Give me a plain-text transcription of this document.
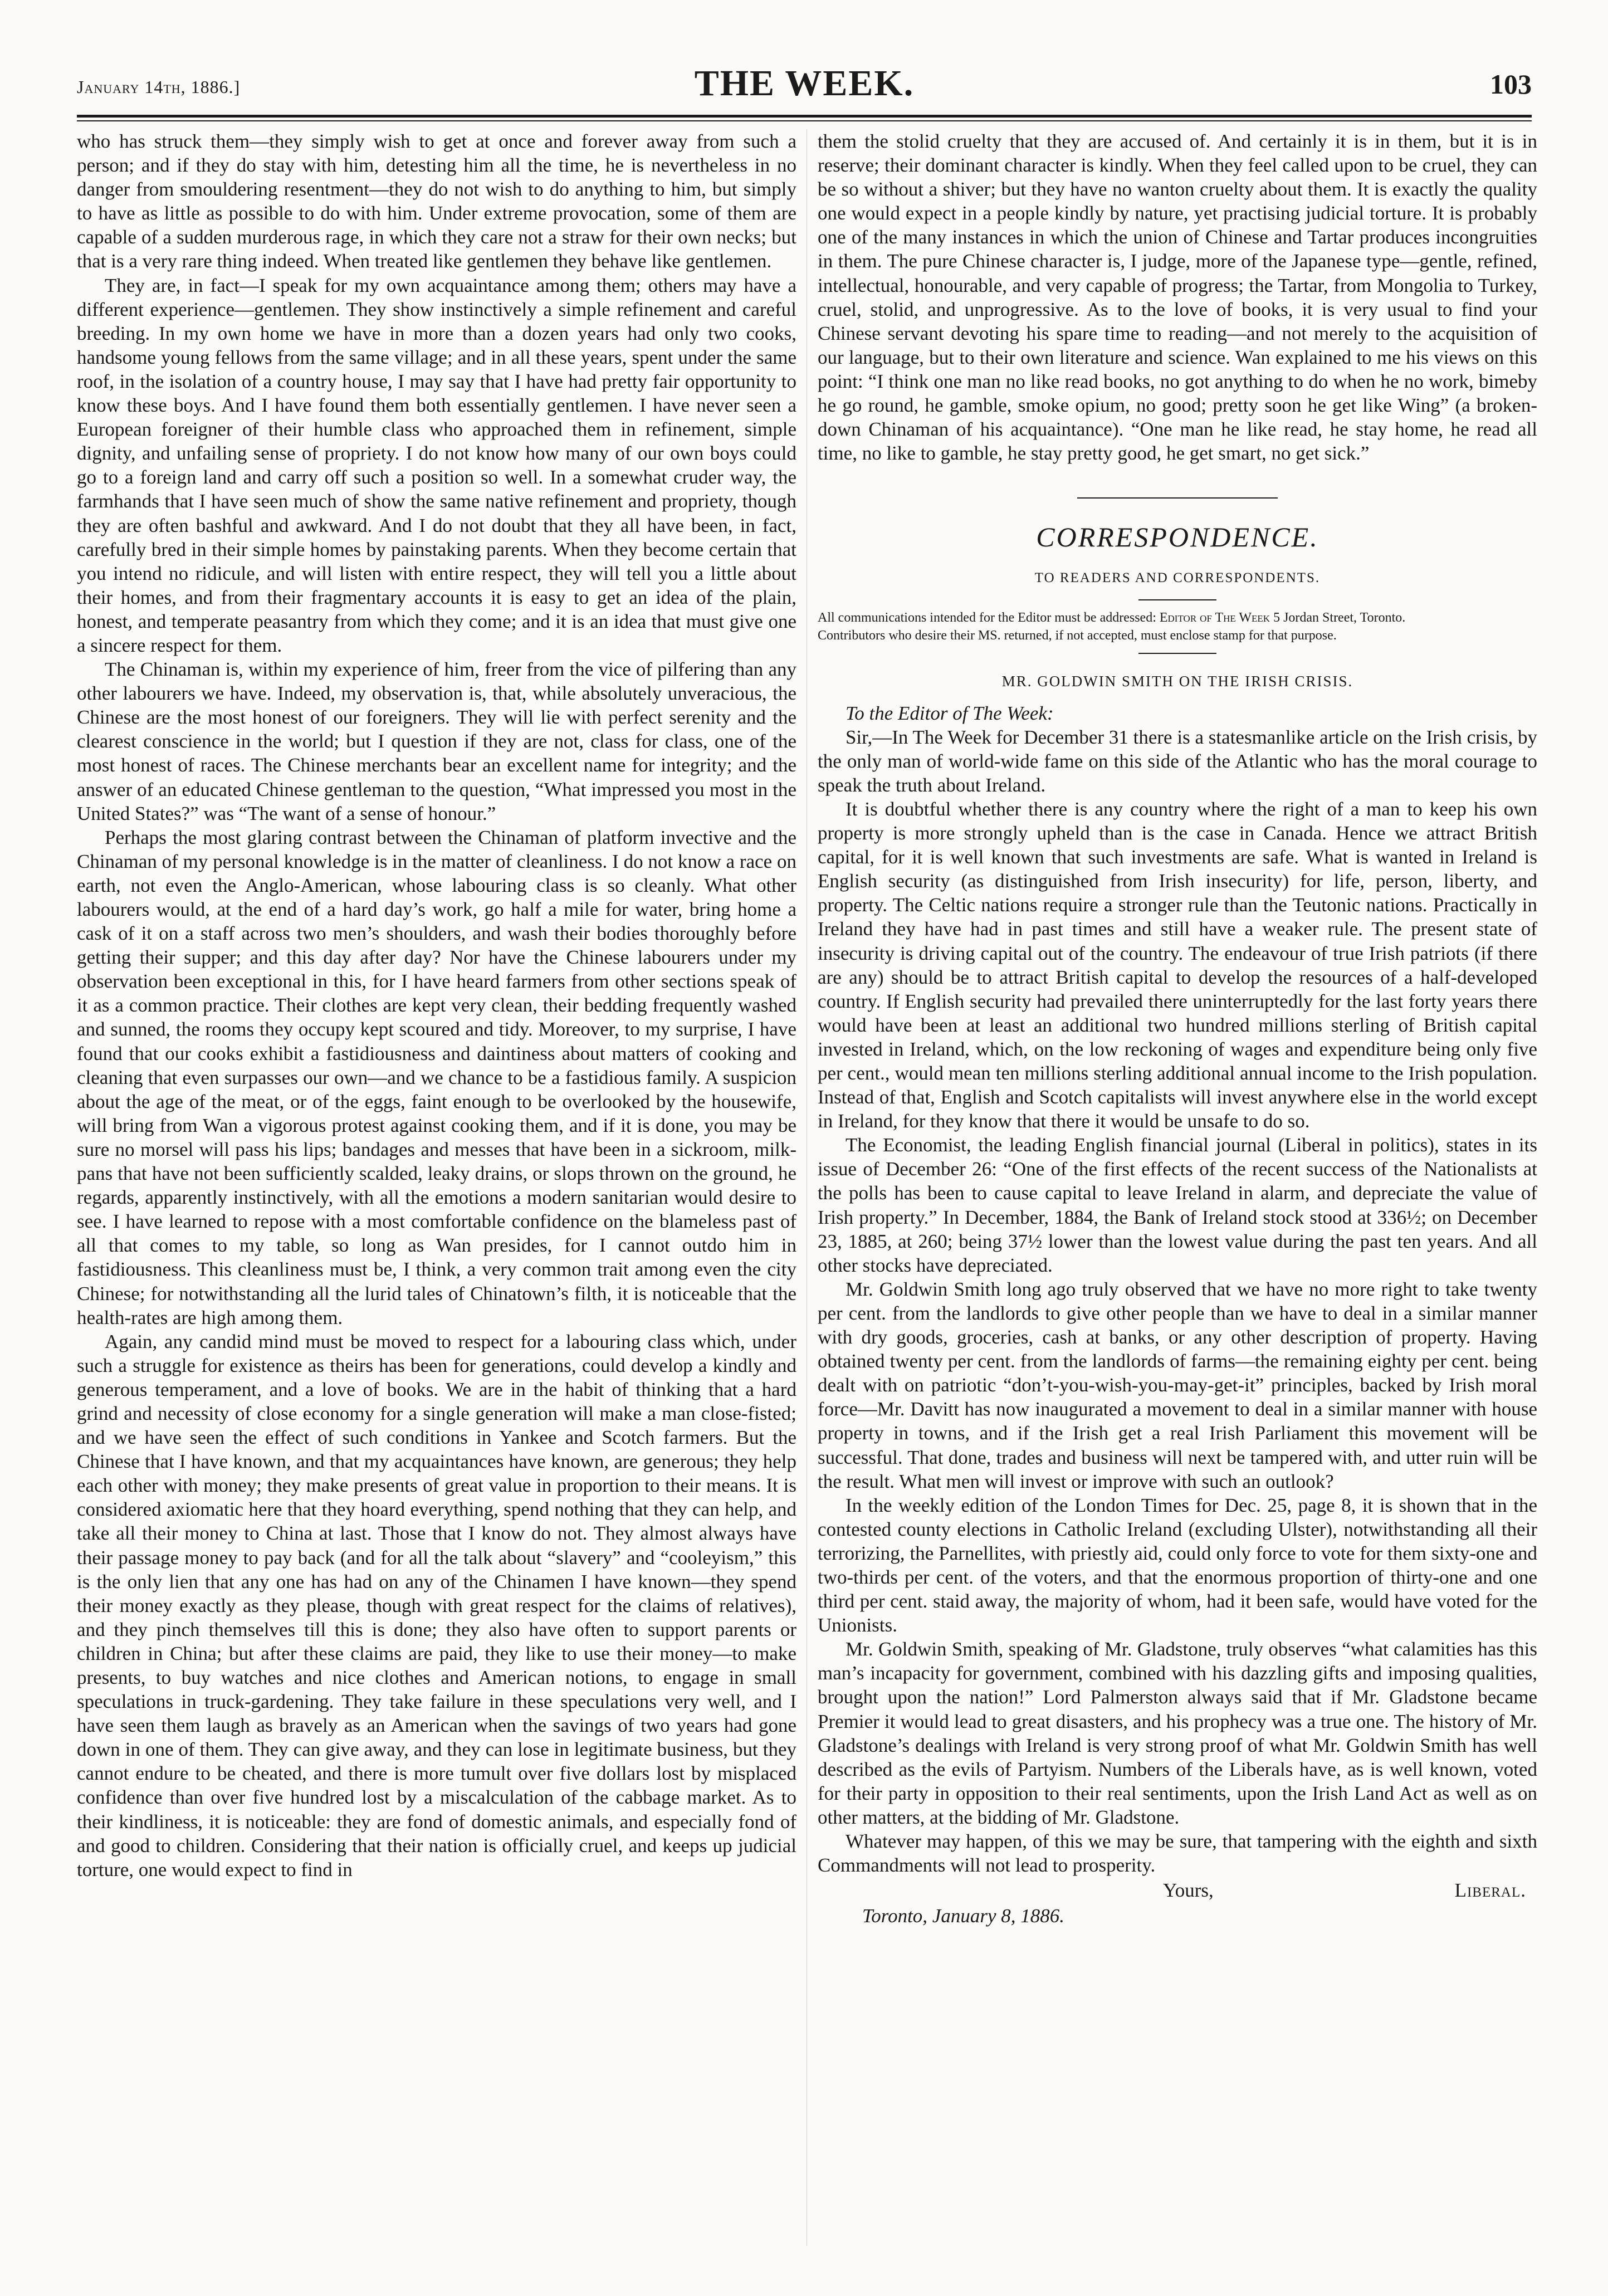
January 14th, 1886.]	THE WEEK.	103

who has struck them—they simply wish to get at once and forever away from such a person; and if they do stay with him, detesting him all the time, he is nevertheless in no danger from smouldering resentment—they do not wish to do anything to him, but simply to have as little as possible to do with him. Under extreme provocation, some of them are capable of a sudden murderous rage, in which they care not a straw for their own necks; but that is a very rare thing indeed. When treated like gentlemen they behave like gentlemen.

They are, in fact—I speak for my own acquaintance among them; others may have a different experience—gentlemen. They show instinctively a simple refinement and careful breeding. In my own home we have in more than a dozen years had only two cooks, handsome young fellows from the same village; and in all these years, spent under the same roof, in the isolation of a country house, I may say that I have had pretty fair opportunity to know these boys. And I have found them both essentially gentlemen. I have never seen a European foreigner of their humble class who approached them in refinement, simple dignity, and unfailing sense of propriety. I do not know how many of our own boys could go to a foreign land and carry off such a position so well. In a somewhat cruder way, the farmhands that I have seen much of show the same native refinement and propriety, though they are often bashful and awkward. And I do not doubt that they all have been, in fact, carefully bred in their simple homes by painstaking parents. When they become certain that you intend no ridicule, and will listen with entire respect, they will tell you a little about their homes, and from their fragmentary accounts it is easy to get an idea of the plain, honest, and temperate peasantry from which they come; and it is an idea that must give one a sincere respect for them.

The Chinaman is, within my experience of him, freer from the vice of pilfering than any other labourers we have. Indeed, my observation is, that, while absolutely unveracious, the Chinese are the most honest of our foreigners. They will lie with perfect serenity and the clearest conscience in the world; but I question if they are not, class for class, one of the most honest of races. The Chinese merchants bear an excellent name for integrity; and the answer of an educated Chinese gentleman to the question, “What impressed you most in the United States?” was “The want of a sense of honour.”

Perhaps the most glaring contrast between the Chinaman of platform invective and the Chinaman of my personal knowledge is in the matter of cleanliness. I do not know a race on earth, not even the Anglo-American, whose labouring class is so cleanly. What other labourers would, at the end of a hard day’s work, go half a mile for water, bring home a cask of it on a staff across two men’s shoulders, and wash their bodies thoroughly before getting their supper; and this day after day? Nor have the Chinese labourers under my observation been exceptional in this, for I have heard farmers from other sections speak of it as a common practice. Their clothes are kept very clean, their bedding frequently washed and sunned, the rooms they occupy kept scoured and tidy. Moreover, to my surprise, I have found that our cooks exhibit a fastidiousness and daintiness about matters of cooking and cleaning that even surpasses our own—and we chance to be a fastidious family. A suspicion about the age of the meat, or of the eggs, faint enough to be overlooked by the housewife, will bring from Wan a vigorous protest against cooking them, and if it is done, you may be sure no morsel will pass his lips; bandages and messes that have been in a sickroom, milk-pans that have not been sufficiently scalded, leaky drains, or slops thrown on the ground, he regards, apparently instinctively, with all the emotions a modern sanitarian would desire to see. I have learned to repose with a most comfortable confidence on the blameless past of all that comes to my table, so long as Wan presides, for I cannot outdo him in fastidiousness. This cleanliness must be, I think, a very common trait among even the city Chinese; for notwithstanding all the lurid tales of Chinatown’s filth, it is noticeable that the health-rates are high among them.

Again, any candid mind must be moved to respect for a labouring class which, under such a struggle for existence as theirs has been for generations, could develop a kindly and generous temperament, and a love of books. We are in the habit of thinking that a hard grind and necessity of close economy for a single generation will make a man close-fisted; and we have seen the effect of such conditions in Yankee and Scotch farmers. But the Chinese that I have known, and that my acquaintances have known, are generous; they help each other with money; they make presents of great value in proportion to their means. It is considered axiomatic here that they hoard everything, spend nothing that they can help, and take all their money to China at last. Those that I know do not. They almost always have their passage money to pay back (and for all the talk about “slavery” and “cooleyism,” this is the only lien that any one has had on any of the Chinamen I have known—they spend their money exactly as they please, though with great respect for the claims of relatives), and they pinch themselves till this is done; they also have often to support parents or children in China; but after these claims are paid, they like to use their money—to make presents, to buy watches and nice clothes and American notions, to engage in small speculations in truck-gardening. They take failure in these speculations very well, and I have seen them laugh as bravely as an American when the savings of two years had gone down in one of them. They can give away, and they can lose in legitimate business, but they cannot endure to be cheated, and there is more tumult over five dollars lost by misplaced confidence than over five hundred lost by a miscalculation of the cabbage market. As to their kindliness, it is noticeable: they are fond of domestic animals, and especially fond of and good to children. Considering that their nation is officially cruel, and keeps up judicial torture, one would expect to find in

them the stolid cruelty that they are accused of. And certainly it is in them, but it is in reserve; their dominant character is kindly. When they feel called upon to be cruel, they can be so without a shiver; but they have no wanton cruelty about them. It is exactly the quality one would expect in a people kindly by nature, yet practising judicial torture. It is probably one of the many instances in which the union of Chinese and Tartar produces incongruities in them. The pure Chinese character is, I judge, more of the Japanese type—gentle, refined, intellectual, honourable, and very capable of progress; the Tartar, from Mongolia to Turkey, cruel, stolid, and unprogressive. As to the love of books, it is very usual to find your Chinese servant devoting his spare time to reading—and not merely to the acquisition of our language, but to their own literature and science. Wan explained to me his views on this point: “I think one man no like read books, no got anything to do when he no work, bimeby he go round, he gamble, smoke opium, no good; pretty soon he get like Wing” (a broken-down Chinaman of his acquaintance). “One man he like read, he stay home, he read all time, no like to gamble, he stay pretty good, he get smart, no get sick.”

CORRESPONDENCE.
TO READERS AND CORRESPONDENTS.
All communications intended for the Editor must be addressed: Editor of The Week 5 Jordan Street, Toronto.
Contributors who desire their MS. returned, if not accepted, must enclose stamp for that purpose.
MR. GOLDWIN SMITH ON THE IRISH CRISIS.

To the Editor of The Week:

Sir,—In The Week for December 31 there is a statesmanlike article on the Irish crisis, by the only man of world-wide fame on this side of the Atlantic who has the moral courage to speak the truth about Ireland.

It is doubtful whether there is any country where the right of a man to keep his own property is more strongly upheld than is the case in Canada. Hence we attract British capital, for it is well known that such investments are safe. What is wanted in Ireland is English security (as distinguished from Irish insecurity) for life, person, liberty, and property. The Celtic nations require a stronger rule than the Teutonic nations. Practically in Ireland they have had in past times and still have a weaker rule. The present state of insecurity is driving capital out of the country. The endeavour of true Irish patriots (if there are any) should be to attract British capital to develop the resources of a half-developed country. If English security had prevailed there uninterruptedly for the last forty years there would have been at least an additional two hundred millions sterling of British capital invested in Ireland, which, on the low reckoning of wages and expenditure being only five per cent., would mean ten millions sterling additional annual income to the Irish population. Instead of that, English and Scotch capitalists will invest anywhere else in the world except in Ireland, for they know that there it would be unsafe to do so.

The Economist, the leading English financial journal (Liberal in politics), states in its issue of December 26: “One of the first effects of the recent success of the Nationalists at the polls has been to cause capital to leave Ireland in alarm, and depreciate the value of Irish property.” In December, 1884, the Bank of Ireland stock stood at 336½; on December 23, 1885, at 260; being 37½ lower than the lowest value during the past ten years. And all other stocks have depreciated.

Mr. Goldwin Smith long ago truly observed that we have no more right to take twenty per cent. from the landlords to give other people than we have to deal in a similar manner with dry goods, groceries, cash at banks, or any other description of property. Having obtained twenty per cent. from the landlords of farms—the remaining eighty per cent. being dealt with on patriotic “don’t-you-wish-you-may-get-it” principles, backed by Irish moral force—Mr. Davitt has now inaugurated a movement to deal in a similar manner with house property in towns, and if the Irish get a real Irish Parliament this movement will be successful. That done, trades and business will next be tampered with, and utter ruin will be the result. What men will invest or improve with such an outlook?

In the weekly edition of the London Times for Dec. 25, page 8, it is shown that in the contested county elections in Catholic Ireland (excluding Ulster), notwithstanding all their terrorizing, the Parnellites, with priestly aid, could only force to vote for them sixty-one and two-thirds per cent. of the voters, and that the enormous proportion of thirty-one and one third per cent. staid away, the majority of whom, had it been safe, would have voted for the Unionists.

Mr. Goldwin Smith, speaking of Mr. Gladstone, truly observes “what calamities has this man’s incapacity for government, combined with his dazzling gifts and imposing qualities, brought upon the nation!” Lord Palmerston always said that if Mr. Gladstone became Premier it would lead to great disasters, and his prophecy was a true one. The history of Mr. Gladstone’s dealings with Ireland is very strong proof of what Mr. Goldwin Smith has well described as the evils of Partyism. Numbers of the Liberals have, as is well known, voted for their party in opposition to their real sentiments, upon the Irish Land Act as well as on other matters, at the bidding of Mr. Gladstone.

Whatever may happen, of this we may be sure, that tampering with the eighth and sixth Commandments will not lead to prosperity.

Yours,	Liberal.

Toronto, January 8, 1886.
